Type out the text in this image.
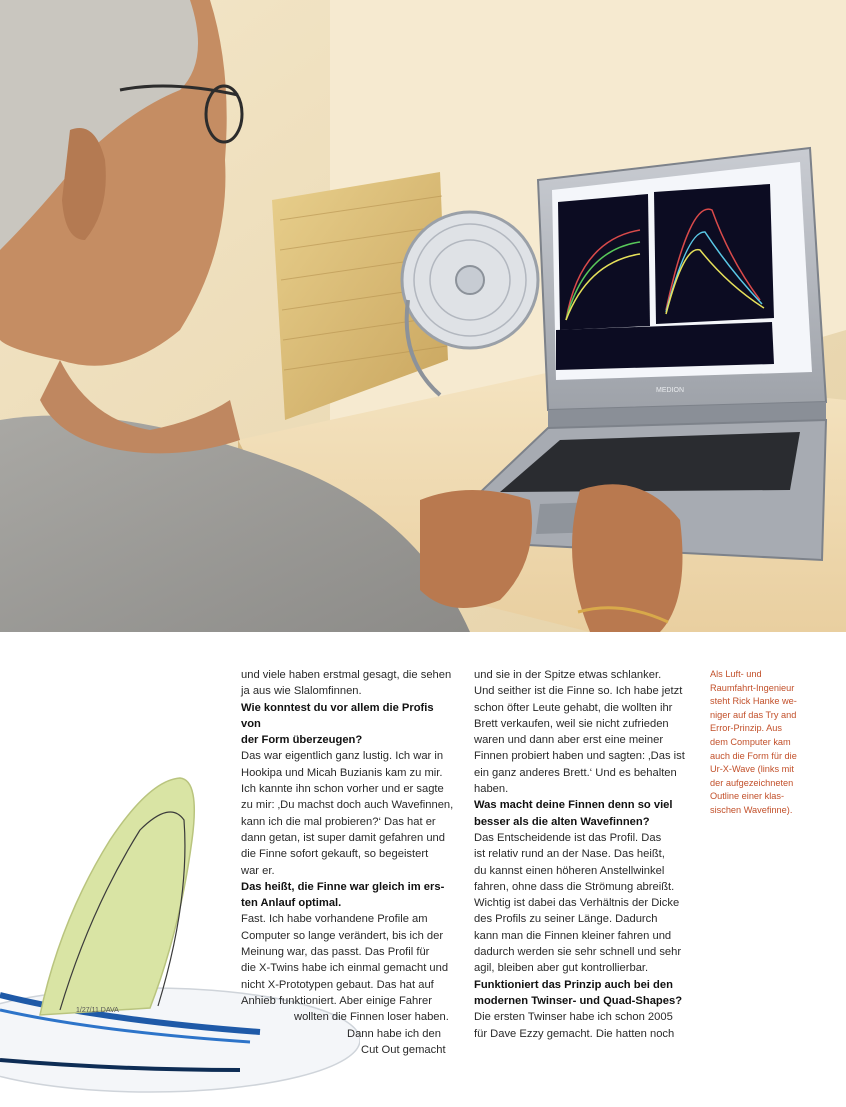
MEDION
1/27/11 DAVA

und viele haben erstmal gesagt, die sehen

ja aus wie Slalomfinnen.

Wie konntest du vor allem die Profis von

der Form überzeugen?

Das war eigentlich ganz lustig. Ich war in

Hookipa und Micah Buzianis kam zu mir.

Ich kannte ihn schon vorher und er sagte

zu mir: ‚Du machst doch auch Wavefinnen,

kann ich die mal probieren?‘ Das hat er

dann getan, ist super damit gefahren und

die Finne sofort gekauft, so begeistert

war er.

Das heißt, die Finne war gleich im ers-

ten Anlauf optimal.

Fast. Ich habe vorhandene Profile am

Computer so lange verändert, bis ich der

Meinung war, das passt. Das Profil für

die X-Twins habe ich einmal gemacht und

nicht X-Prototypen gebaut. Das hat auf

Anhieb funktioniert. Aber einige Fahrer

wollten die Finnen loser haben.

Dann habe ich den

Cut Out gemacht

und sie in der Spitze etwas schlanker.

Und seither ist die Finne so. Ich habe jetzt

schon öfter Leute gehabt, die wollten ihr

Brett verkaufen, weil sie nicht zufrieden

waren und dann aber erst eine meiner

Finnen probiert haben und sagten: ‚Das ist

ein ganz anderes Brett.‘ Und es behalten

haben.

Was macht deine Finnen denn so viel

besser als die alten Wavefinnen?

Das Entscheidende ist das Profil. Das

ist relativ rund an der Nase. Das heißt,

du kannst einen höheren Anstellwinkel

fahren, ohne dass die Strömung abreißt.

Wichtig ist dabei das Verhältnis der Dicke

des Profils zu seiner Länge. Dadurch

kann man die Finnen kleiner fahren und

dadurch werden sie sehr schnell und sehr

agil, bleiben aber gut kontrollierbar.

Funktioniert das Prinzip auch bei den

modernen Twinser- und Quad-Shapes?

Die ersten Twinser habe ich schon 2005

für Dave Ezzy gemacht. Die hatten noch

Als Luft- und

Raumfahrt-Ingenieur

steht Rick Hanke we-

niger auf das Try and

Error-Prinzip. Aus

dem Computer kam

auch die Form für die

Ur-X-Wave (links mit

der aufgezeichneten

Outline einer klas-

sischen Wavefinne).
